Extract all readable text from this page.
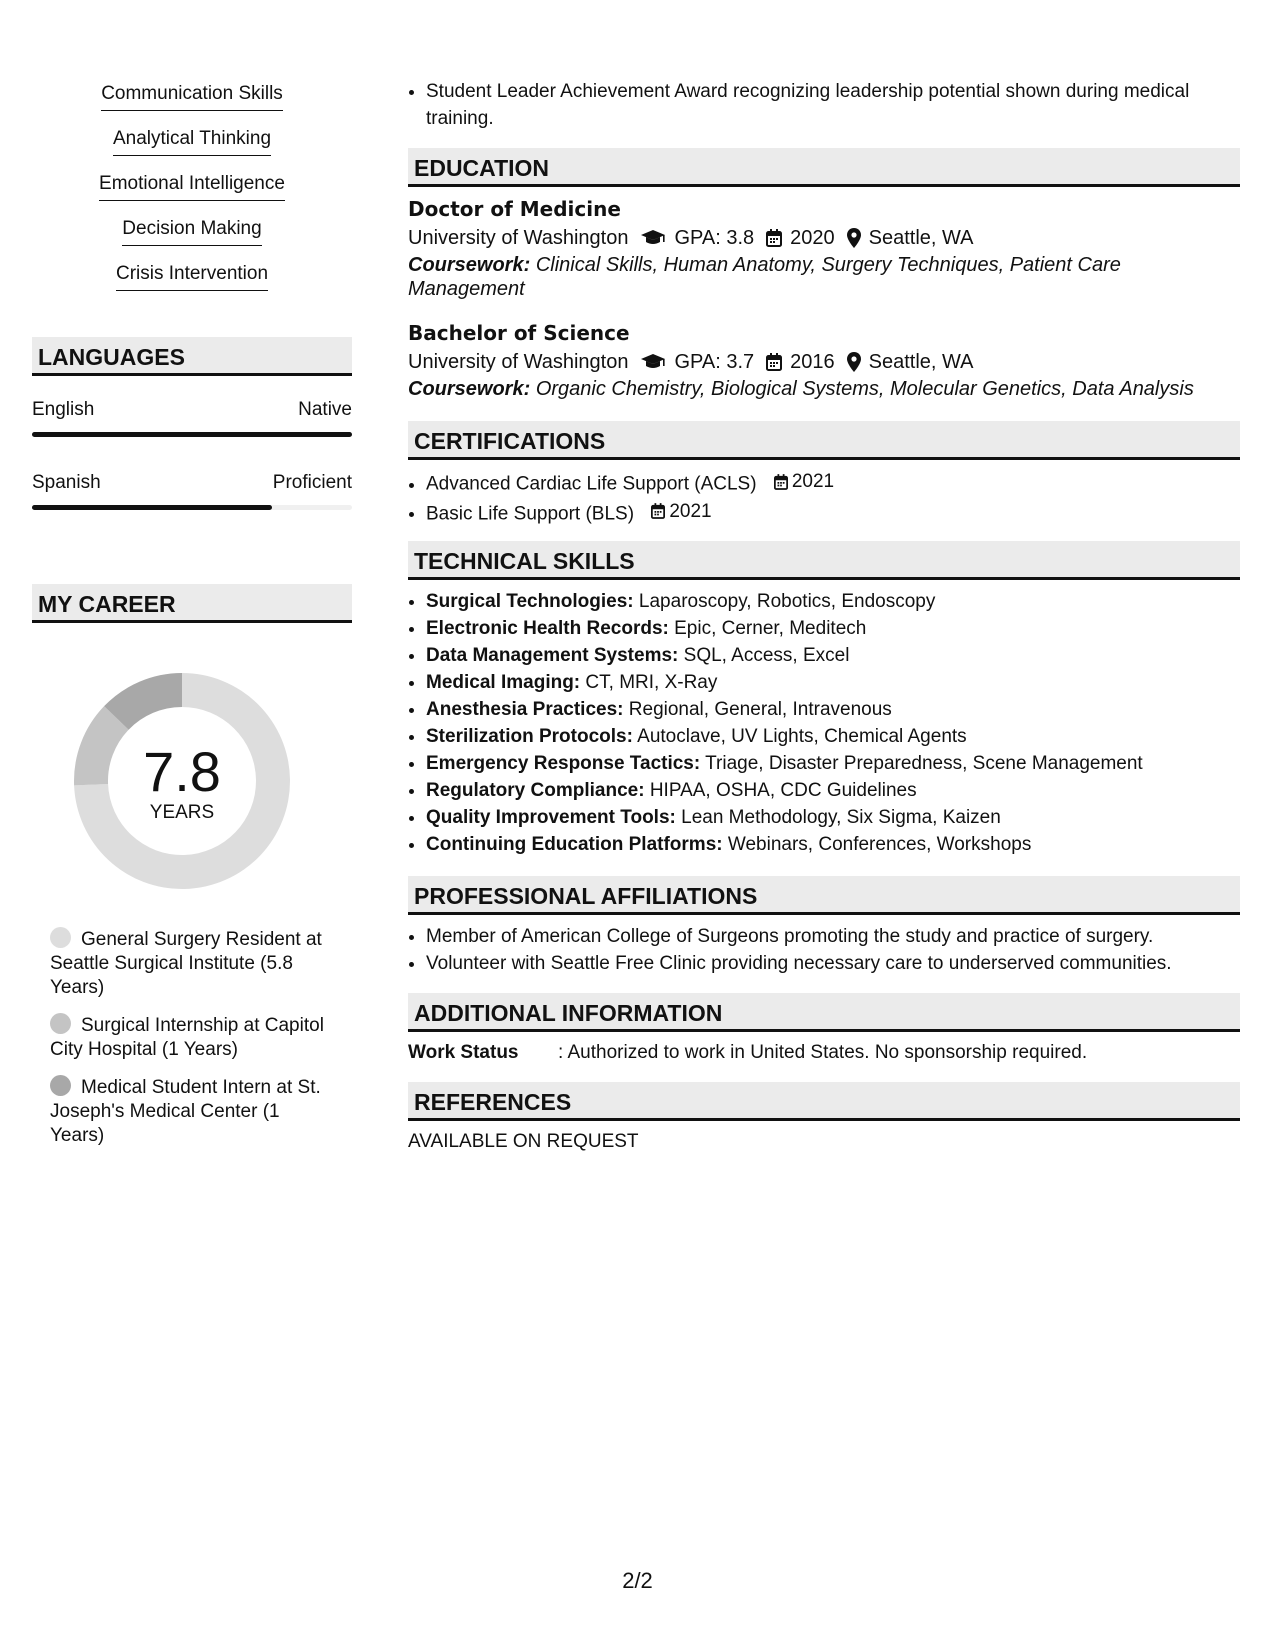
Communication Skills
Analytical Thinking
Emotional Intelligence
Decision Making
Crisis Intervention
LANGUAGES
English	Native
Spanish	Proficient
MY CAREER
7.8
YEARS
General Surgery Resident at Seattle Surgical Institute (5.8 Years)
Surgical Internship at Capitol City Hospital (1 Years)
Medical Student Intern at St. Joseph's Medical Center (1 Years)
• Student Leader Achievement Award recognizing leadership potential shown during medical training.
EDUCATION
Doctor of Medicine
University of Washington GPA: 3.8 2020 Seattle, WA
Coursework: Clinical Skills, Human Anatomy, Surgery Techniques, Patient Care Management
Bachelor of Science
University of Washington GPA: 3.7 2016 Seattle, WA
Coursework: Organic Chemistry, Biological Systems, Molecular Genetics, Data Analysis
CERTIFICATIONS
• Advanced Cardiac Life Support (ACLS) 2021
• Basic Life Support (BLS) 2021
TECHNICAL SKILLS
• Surgical Technologies: Laparoscopy, Robotics, Endoscopy
• Electronic Health Records: Epic, Cerner, Meditech
• Data Management Systems: SQL, Access, Excel
• Medical Imaging: CT, MRI, X-Ray
• Anesthesia Practices: Regional, General, Intravenous
• Sterilization Protocols: Autoclave, UV Lights, Chemical Agents
• Emergency Response Tactics: Triage, Disaster Preparedness, Scene Management
• Regulatory Compliance: HIPAA, OSHA, CDC Guidelines
• Quality Improvement Tools: Lean Methodology, Six Sigma, Kaizen
• Continuing Education Platforms: Webinars, Conferences, Workshops
PROFESSIONAL AFFILIATIONS
• Member of American College of Surgeons promoting the study and practice of surgery.
• Volunteer with Seattle Free Clinic providing necessary care to underserved communities.
ADDITIONAL INFORMATION
Work Status	: Authorized to work in United States. No sponsorship required.
REFERENCES
AVAILABLE ON REQUEST
2/2
